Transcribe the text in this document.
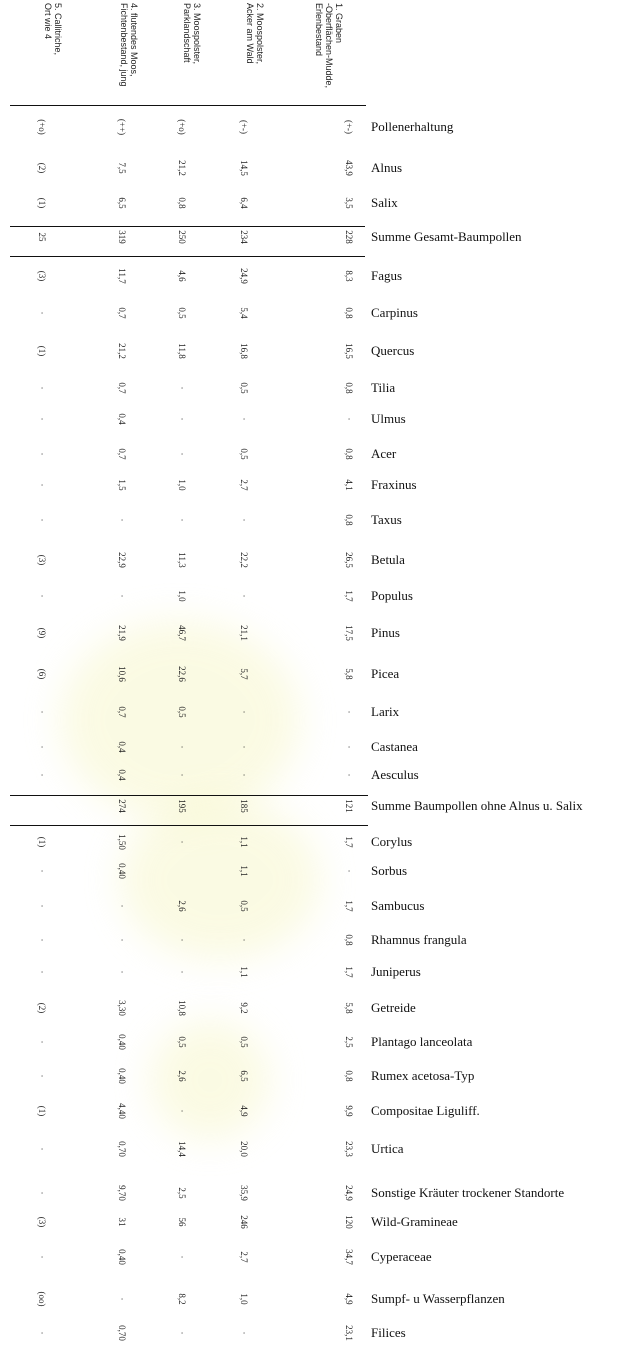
1. Graben
-Oberflächen-Mudde,
Erlenbestand
2. Moospolster,
Acker am Wald
3. Moospolster,
Parklandschaft
4. flutendes Moos,
Fichtenbestand, jung
5. Callitriche,
Ort wie 4
Pollenerhaltung
(+-)
(+-)
(+o)
(++)
(+o)
Alnus
43,9
14,5
21,2
7,5
(2)
Salix
3,5
6,4
0,8
6,5
(1)
Summe Gesamt-Baumpollen
228
234
250
319
25
Fagus
8,3
24,9
4,6
11,7
(3)
Carpinus
0,8
5,4
0,5
0,7
·
Quercus
16,5
16,8
11,8
21,2
(1)
Tilia
0,8
0,5
·
0,7
·
Ulmus
·
·
·
0,4
·
Acer
0,8
0,5
·
0,7
·
Fraxinus
4,1
2,7
1,0
1,5
·
Taxus
0,8
·
·
·
·
Betula
26,5
22,2
11,3
22,9
(3)
Populus
1,7
·
1,0
·
·
Pinus
17,5
21,1
46,7
21,9
(9)
Picea
5,8
5,7
22,6
10,6
(6)
Larix
·
·
0,5
0,7
·
Castanea
·
·
·
0,4
·
Aesculus
·
·
·
0,4
·
Summe Baumpollen ohne Alnus u. Salix
121
185
195
274
Corylus
1,7
1,1
·
1,50
(1)
Sorbus
·
1,1
0,40
·
Sambucus
1,7
0,5
2,6
·
·
Rhamnus frangula
0,8
·
·
·
·
Juniperus
1,7
1,1
·
·
·
Getreide
5,8
9,2
10,8
3,30
(2)
Plantago lanceolata
2,5
0,5
0,5
0,40
·
Rumex acetosa-Typ
0,8
6,5
2,6
0,40
·
Compositae Liguliff.
9,9
4,9
·
4,40
(1)
Urtica
23,3
20,0
14,4
0,70
·
Sonstige Kräuter trockener Standorte
24,9
35,9
2,5
9,70
·
Wild-Gramineae
120
246
56
31
(3)
Cyperaceae
34,7
2,7
·
0,40
·
Sumpf- u Wasserpflanzen
4,9
1,0
8,2
·
(oo)
Filices
23,1
·
·
0,70
·
